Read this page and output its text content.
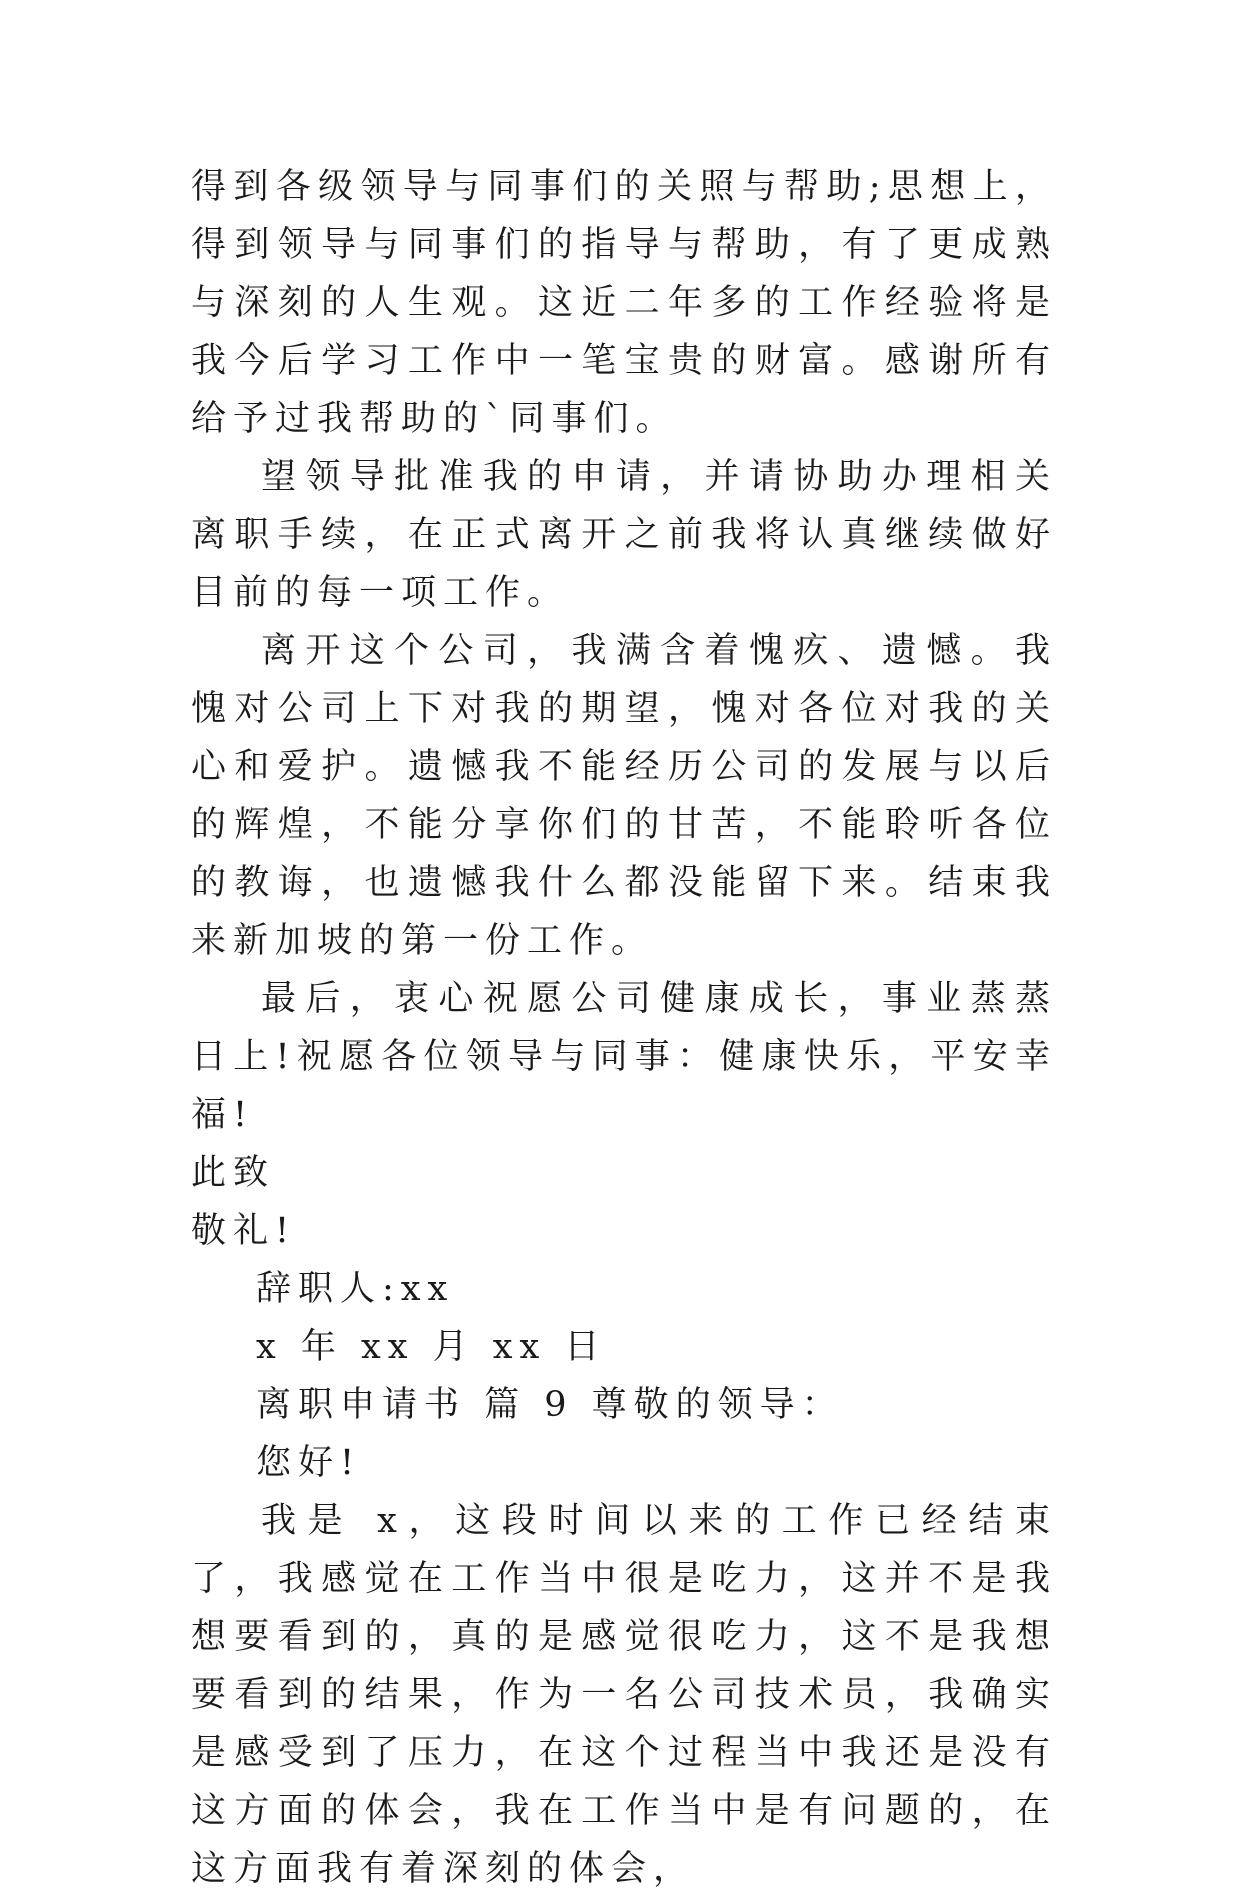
得到各级领导与同事们的关照与帮助;思想上，得到领导与同事们的指导与帮助，有了更成熟与深刻的人生观。这近二年多的工作经验将是我今后学习工作中一笔宝贵的财富。感谢所有给予过我帮助的`同事们。

望领导批准我的申请，并请协助办理相关离职手续，在正式离开之前我将认真继续做好目前的每一项工作。

离开这个公司，我满含着愧疚、遗憾。我愧对公司上下对我的期望，愧对各位对我的关心和爱护。遗憾我不能经历公司的发展与以后的辉煌，不能分享你们的甘苦，不能聆听各位的教诲，也遗憾我什么都没能留下来。结束我来新加坡的第一份工作。

最后，衷心祝愿公司健康成长，事业蒸蒸日上!祝愿各位领导与同事：健康快乐，平安幸福!

此致

敬礼!

辞职人:xx

x 年 xx 月 xx 日

离职申请书 篇 9 尊敬的领导：

您好!

我是 x，这段时间以来的工作已经结束了，我感觉在工作当中很是吃力，这并不是我想要看到的，真的是感觉很吃力，这不是我想要看到的结果，作为一名公司技术员，我确实是感受到了压力，在这个过程当中我还是没有这方面的体会，我在工作当中是有问题的，在这方面我有着深刻的体会，
